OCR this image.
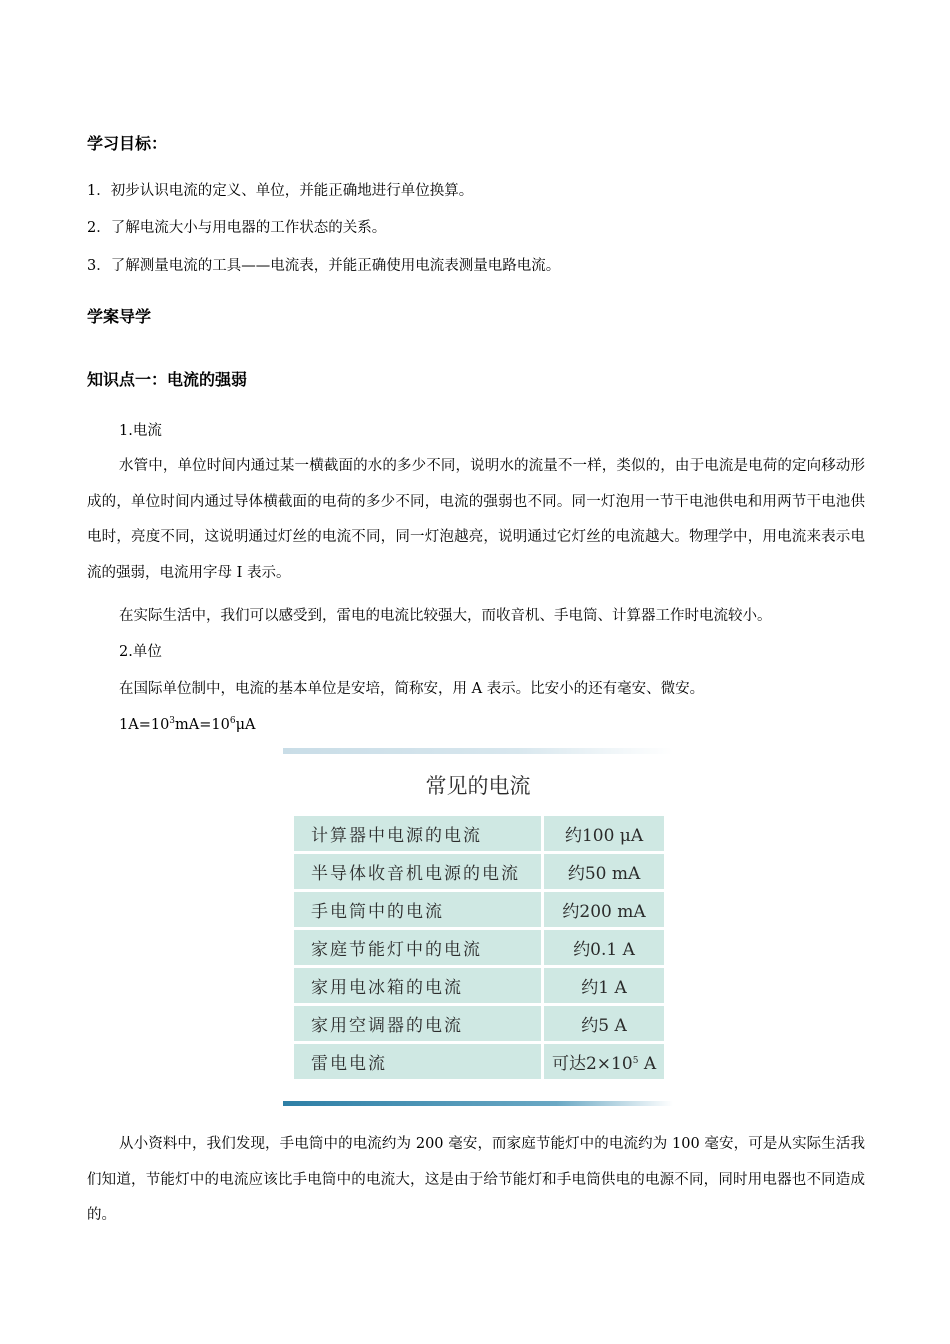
学习目标：
1．初步认识电流的定义、单位，并能正确地进行单位换算。
2．了解电流大小与用电器的工作状态的关系。
3．了解测量电流的工具——电流表，并能正确使用电流表测量电路电流。
学案导学
知识点一：电流的强弱
1.电流

水管中，单位时间内通过某一横截面的水的多少不同，说明水的流量不一样，类似的，由于电流是电荷的定向移动形成的，单位时间内通过导体横截面的电荷的多少不同，电流的强弱也不同。同一灯泡用一节干电池供电和用两节干电池供电时，亮度不同，这说明通过灯丝的电流不同，同一灯泡越亮，说明通过它灯丝的电流越大。物理学中，用电流来表示电流的强弱，电流用字母 I 表示。

在实际生活中，我们可以感受到，雷电的电流比较强大，而收音机、手电筒、计算器工作时电流较小。

2.单位
在国际单位制中，电流的基本单位是安培，简称安，用 A 表示。比安小的还有毫安、微安。
$1A=10^3mA=10^6\mu A$
常见的电流
计算器中电源的电流	约100 μA
半导体收音机电源的电流	约50 mA
手电筒中的电流	约200 mA
家庭节能灯中的电流	约0.1 A
家用电冰箱的电流	约1 A
家用空调器的电流	约5 A
雷电电流	可达$2\times 10^5$ A

从小资料中，我们发现，手电筒中的电流约为 200 毫安，而家庭节能灯中的电流约为 100 毫安，可是从实际生活我们知道，节能灯中的电流应该比手电筒中的电流大，这是由于给节能灯和手电筒供电的电源不同，同时用电器也不同造成的。
